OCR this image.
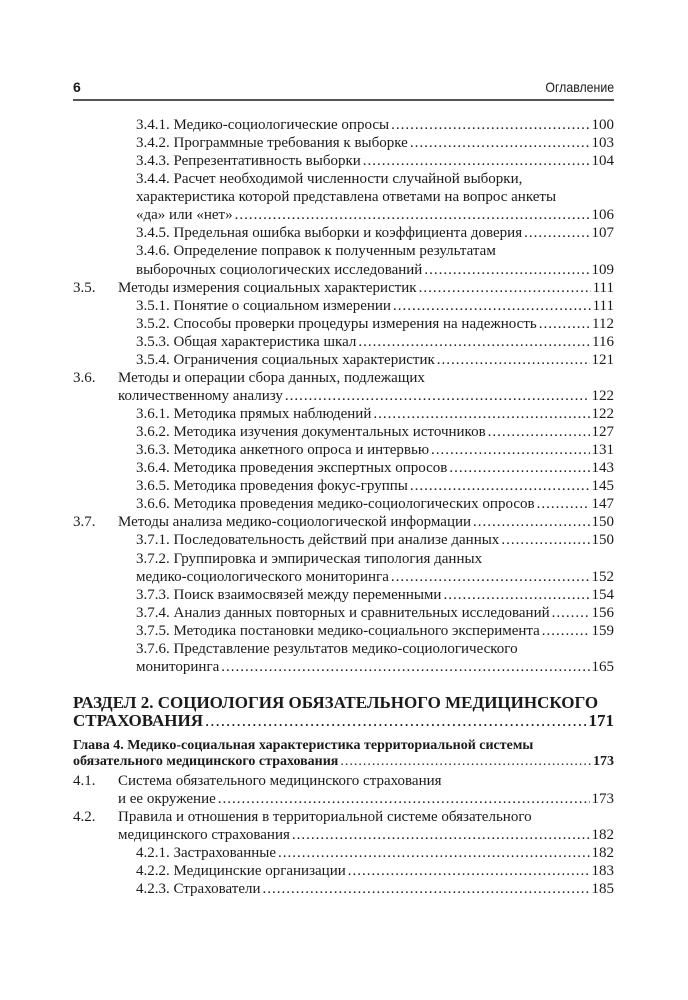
6	Оглавление
3.4.1. Медико-социологические опросы .....	100
3.4.2. Программные требования к выборке .....	103
3.4.3. Репрезентативность выборки .....	104
3.4.4. Расчет необходимой численности случайной выборки,
характеристика которой представлена ответами на вопрос анкеты
«да» или «нет» .....	106
3.4.5. Предельная ошибка выборки и коэффициента доверия .....	107
3.4.6. Определение поправок к полученным результатам
выборочных социологических исследований .....	109
3.5. Методы измерения социальных характеристик .....	111
3.5.1. Понятие о социальном измерении .....	111
3.5.2. Способы проверки процедуры измерения на надежность .....	112
3.5.3. Общая характеристика шкал .....	116
3.5.4. Ограничения социальных характеристик .....	121
3.6. Методы и операции сбора данных, подлежащих
количественному анализу .....	122
3.6.1. Методика прямых наблюдений .....	122
3.6.2. Методика изучения документальных источников .....	127
3.6.3. Методика анкетного опроса и интервью .....	131
3.6.4. Методика проведения экспертных опросов .....	143
3.6.5. Методика проведения фокус-группы .....	145
3.6.6. Методика проведения медико-социологических опросов .....	147
3.7. Методы анализа медико-социологической информации .....	150
3.7.1. Последовательность действий при анализе данных .....	150
3.7.2. Группировка и эмпирическая типология данных
медико-социологического мониторинга .....	152
3.7.3. Поиск взаимосвязей между переменными .....	154
3.7.4. Анализ данных повторных и сравнительных исследований .....	156
3.7.5. Методика постановки медико-социального эксперимента .....	159
3.7.6. Представление результатов медико-социологического
мониторинга .....	165
РАЗДЕЛ 2. СОЦИОЛОГИЯ ОБЯЗАТЕЛЬНОГО МЕДИЦИНСКОГО
СТРАХОВАНИЯ .....	171
Глава 4. Медико-социальная характеристика территориальной системы
обязательного медицинского страхования .....	173
4.1. Система обязательного медицинского страхования
и ее окружение .....	173
4.2. Правила и отношения в территориальной системе обязательного
медицинского страхования .....	182
4.2.1. Застрахованные .....	182
4.2.2. Медицинские организации .....	183
4.2.3. Страхователи .....	185
